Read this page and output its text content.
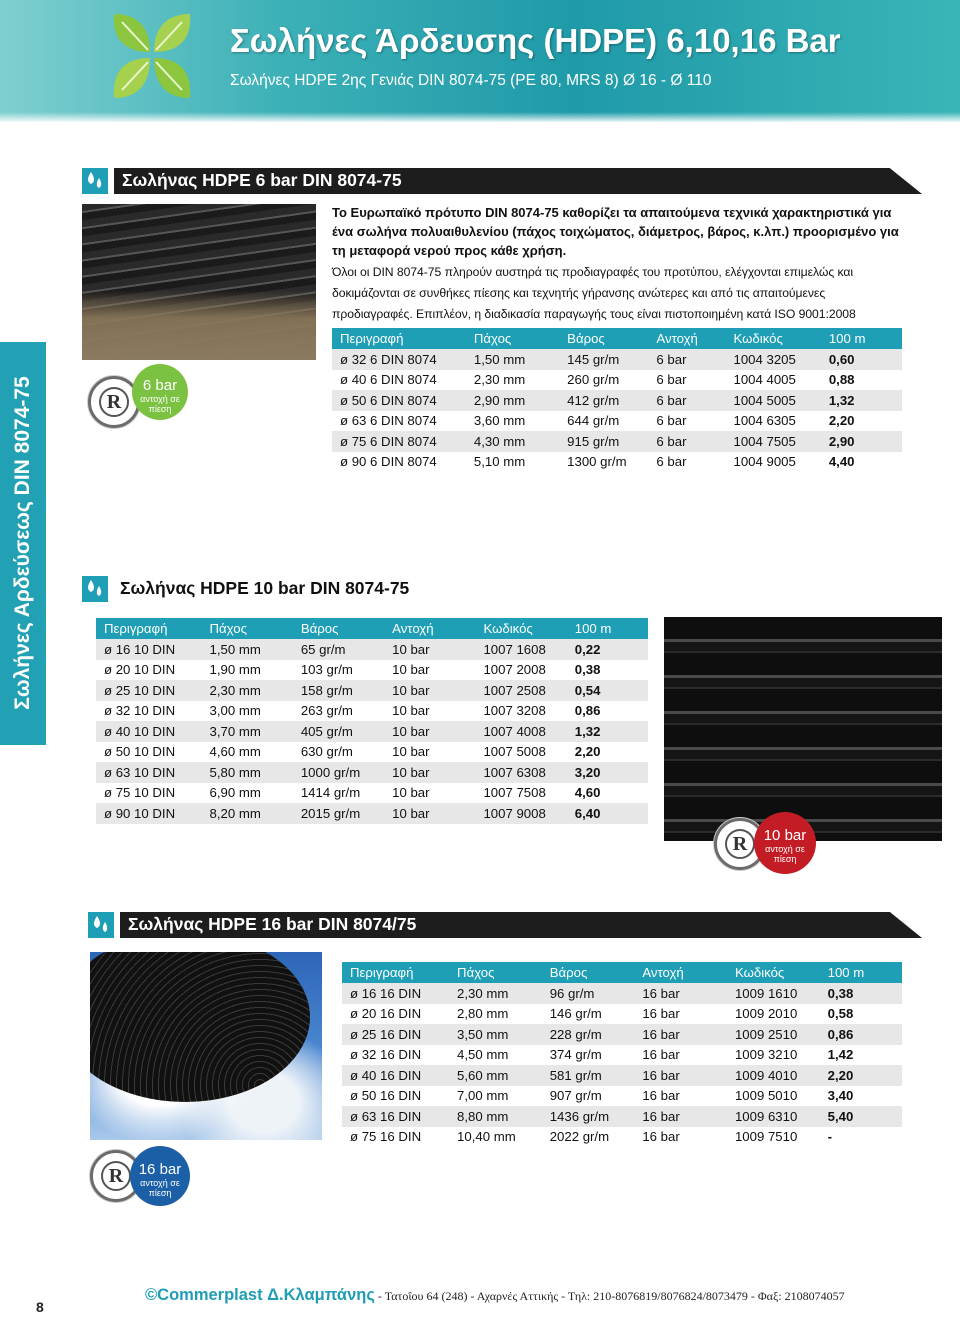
Σωλήνες Άρδευσης (HDPE) 6,10,16 Bar
Σωλήνες HDPE 2ης Γενιάς DIN 8074-75 (PE 80, MRS 8) Ø 16 - Ø 110
Σωλήνες Αρδεύσεως DIN 8074-75
Σωλήνας HDPE 6 bar DIN 8074-75
R
6 bar
αντοχή σε πίεση
Το Ευρωπαϊκό πρότυπο DIN 8074-75 καθορίζει τα απαιτούμενα τεχνικά χαρακτηριστικά για ένα σωλήνα πολυαιθυλενίου (πάχος τοιχώματος, διάμετρος, βάρος, κ.λπ.) προορισμένο για τη μεταφορά νερού προς κάθε χρήση.

Όλοι οι DIN 8074-75 πληρούν αυστηρά τις προδιαγραφές του προτύπου, ελέγχονται επιμελώς και δοκιμάζονται σε συνθήκες πίεσης και τεχνητής γήρανσης ανώτερες και από τις απαιτούμενες προδιαγραφές. Επιπλέον, η διαδικασία παραγωγής τους είναι πιστοποιημένη κατά ISO 9001:2008

Περιγραφή	Πάχος	Βάρος	Αντοχή	Κωδικός	100 m
ø 32 6 DIN 8074	1,50 mm	145 gr/m	6 bar	1004 3205	0,60
ø 40 6 DIN 8074	2,30 mm	260 gr/m	6 bar	1004 4005	0,88
ø 50 6 DIN 8074	2,90 mm	412 gr/m	6 bar	1004 5005	1,32
ø 63 6 DIN 8074	3,60 mm	644 gr/m	6 bar	1004 6305	2,20
ø 75 6 DIN 8074	4,30 mm	915 gr/m	6 bar	1004 7505	2,90
ø 90 6 DIN 8074	5,10 mm	1300 gr/m	6 bar	1004 9005	4,40
Σωλήνας HDPE 10 bar DIN 8074-75
Περιγραφή	Πάχος	Βάρος	Αντοχή	Κωδικός	100 m
ø 16 10 DIN	1,50 mm	65 gr/m	10 bar	1007 1608	0,22
ø 20 10 DIN	1,90 mm	103 gr/m	10 bar	1007 2008	0,38
ø 25 10 DIN	2,30 mm	158 gr/m	10 bar	1007 2508	0,54
ø 32 10 DIN	3,00 mm	263 gr/m	10 bar	1007 3208	0,86
ø 40 10 DIN	3,70 mm	405 gr/m	10 bar	1007 4008	1,32
ø 50 10 DIN	4,60 mm	630 gr/m	10 bar	1007 5008	2,20
ø 63 10 DIN	5,80 mm	1000 gr/m	10 bar	1007 6308	3,20
ø 75 10 DIN	6,90 mm	1414 gr/m	10 bar	1007 7508	4,60
ø 90 10 DIN	8,20 mm	2015 gr/m	10 bar	1007 9008	6,40
R	10 bar
αντοχή σε πίεση
Σωλήνας HDPE 16 bar DIN 8074/75
R	16 bar
αντοχή σε πίεση
Περιγραφή	Πάχος	Βάρος	Αντοχή	Κωδικός	100 m
ø 16 16 DIN	2,30 mm	96 gr/m	16 bar	1009 1610	0,38
ø 20 16 DIN	2,80 mm	146 gr/m	16 bar	1009 2010	0,58
ø 25 16 DIN	3,50 mm	228 gr/m	16 bar	1009 2510	0,86
ø 32 16 DIN	4,50 mm	374 gr/m	16 bar	1009 3210	1,42
ø 40 16 DIN	5,60 mm	581 gr/m	16 bar	1009 4010	2,20
ø 50 16 DIN	7,00 mm	907 gr/m	16 bar	1009 5010	3,40
ø 63 16 DIN	8,80 mm	1436 gr/m	16 bar	1009 6310	5,40
ø 75 16 DIN	10,40 mm	2022 gr/m	16 bar	1009 7510	-
8
©Commerplast Δ.Κλαμπάνης - Τατοΐου 64 (248) - Αχαρνές Αττικής - Τηλ: 210-8076819/8076824/8073479 - Φαξ: 2108074057
